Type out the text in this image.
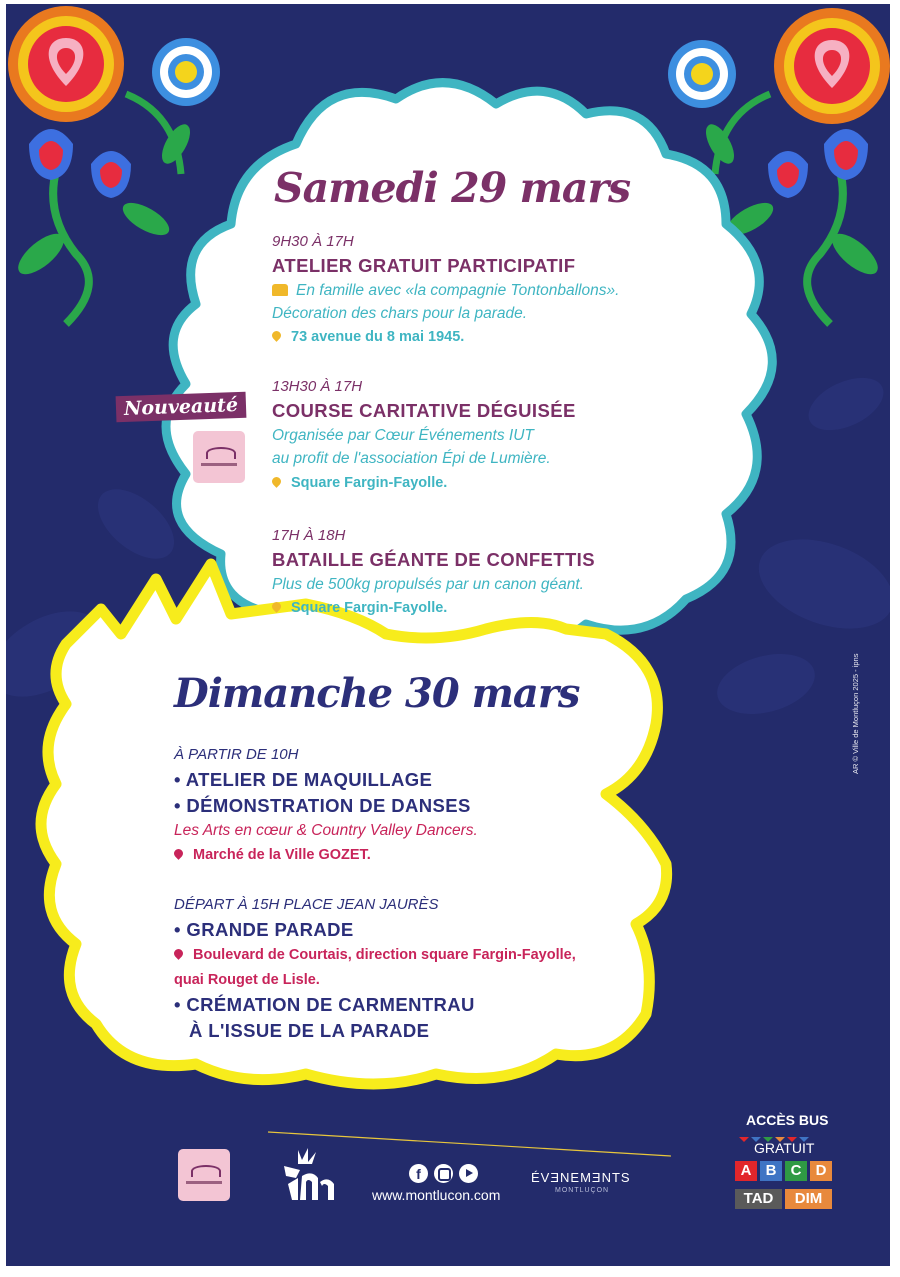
Samedi 29 mars
9H30 À 17H
ATELIER GRATUIT PARTICIPATIF
En famille avec «la compagnie Tontonballons».
Décoration des chars pour la parade.
73 avenue du 8 mai 1945.
13H30 À 17H
COURSE CARITATIVE DÉGUISÉE
Organisée par Cœur Événements IUT
au profit de l'association Épi de Lumière.
Square Fargin-Fayolle.
Nouveauté
17H À 18H
BATAILLE GÉANTE DE CONFETTIS
Plus de 500kg propulsés par un canon géant.
Square Fargin-Fayolle.
Dimanche 30 mars
À PARTIR DE 10H
• ATELIER DE MAQUILLAGE
• DÉMONSTRATION DE DANSES
Les Arts en cœur & Country Valley Dancers.
Marché de la Ville GOZET.
DÉPART À 15H PLACE JEAN JAURÈS
• GRANDE PARADE
Boulevard de Courtais, direction square Fargin-Fayolle,
quai Rouget de Lisle.
• CRÉMATION DE CARMENTRAU
À L'ISSUE DE LA PARADE
AR © Ville de Montluçon 2025 - ipns
f
www.montlucon.com
ÉVƎNEMƎNTS
MONTLUÇON
ACCÈS BUS
GRATUIT
A B C D
TAD	DIM
